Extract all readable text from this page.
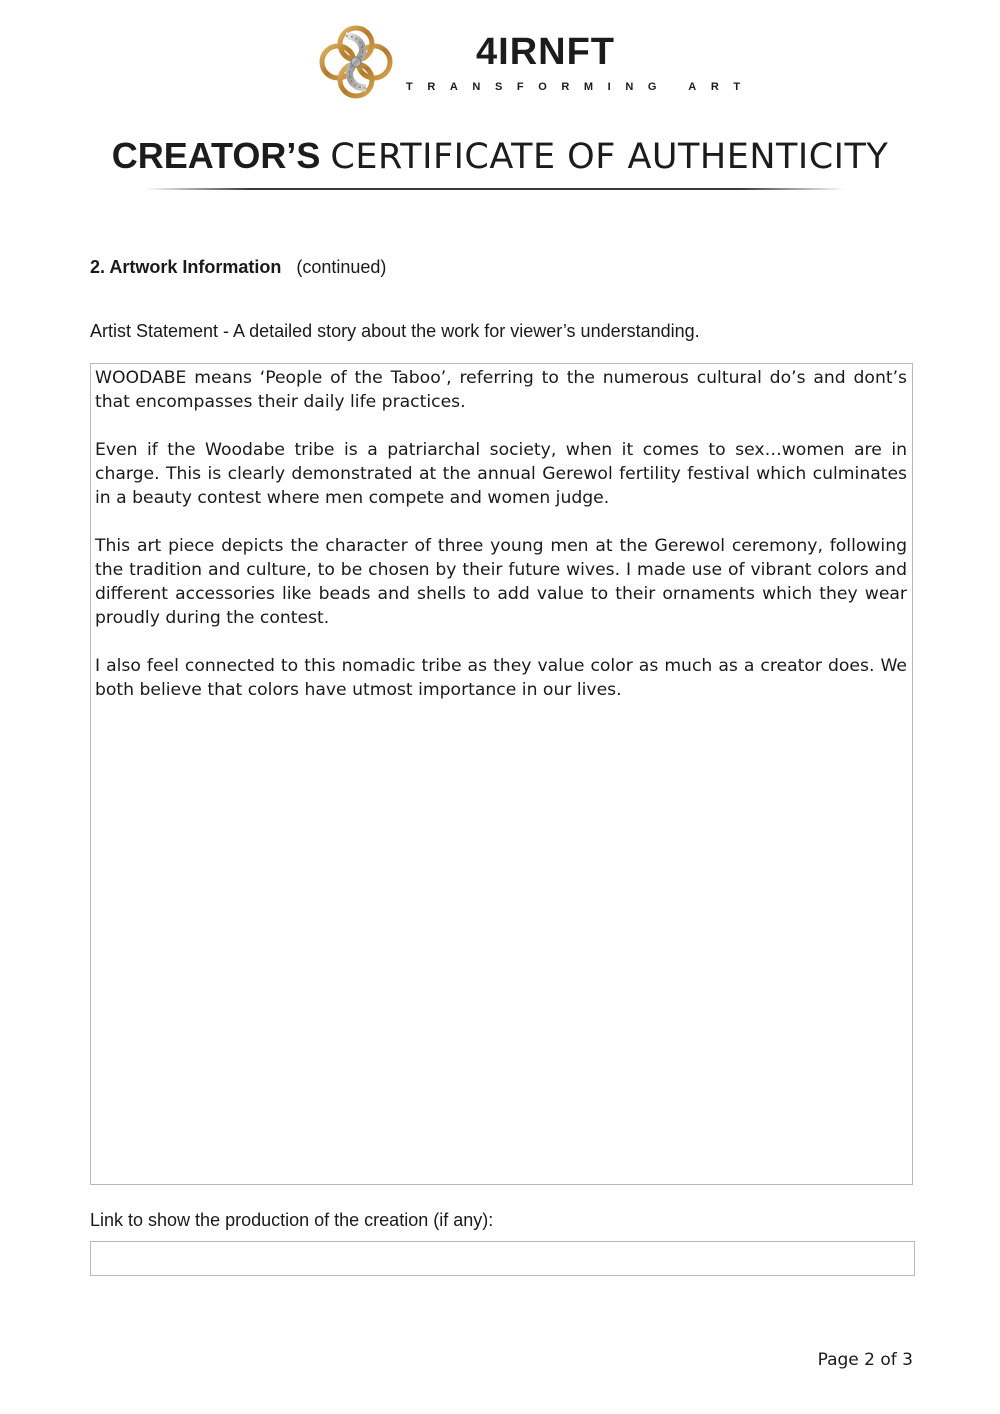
4IRNFT
TRANSFORMING ART
CREATOR’S CERTIFICATE OF AUTHENTICITY
2. Artwork Information (continued)
Artist Statement - A detailed story about the work for viewer’s understanding.

WOODABE means ‘People of the Taboo’, referring to the numerous cultural do’s and dont’s that encompasses their daily life practices.

Even if the Woodabe tribe is a patriarchal society, when it comes to sex…women are in charge. This is clearly demonstrated at the annual Gerewol fertility festival which culminates in a beauty contest where men compete and women judge.

This art piece depicts the character of three young men at the Gerewol ceremony, following the tradition and culture, to be chosen by their future wives. I made use of vibrant colors and different accessories like beads and shells to add value to their ornaments which they wear proudly during the contest.

I also feel connected to this nomadic tribe as they value color as much as a creator does. We both believe that colors have utmost importance in our lives.

Link to show the production of the creation (if any):
Page 2 of 3
